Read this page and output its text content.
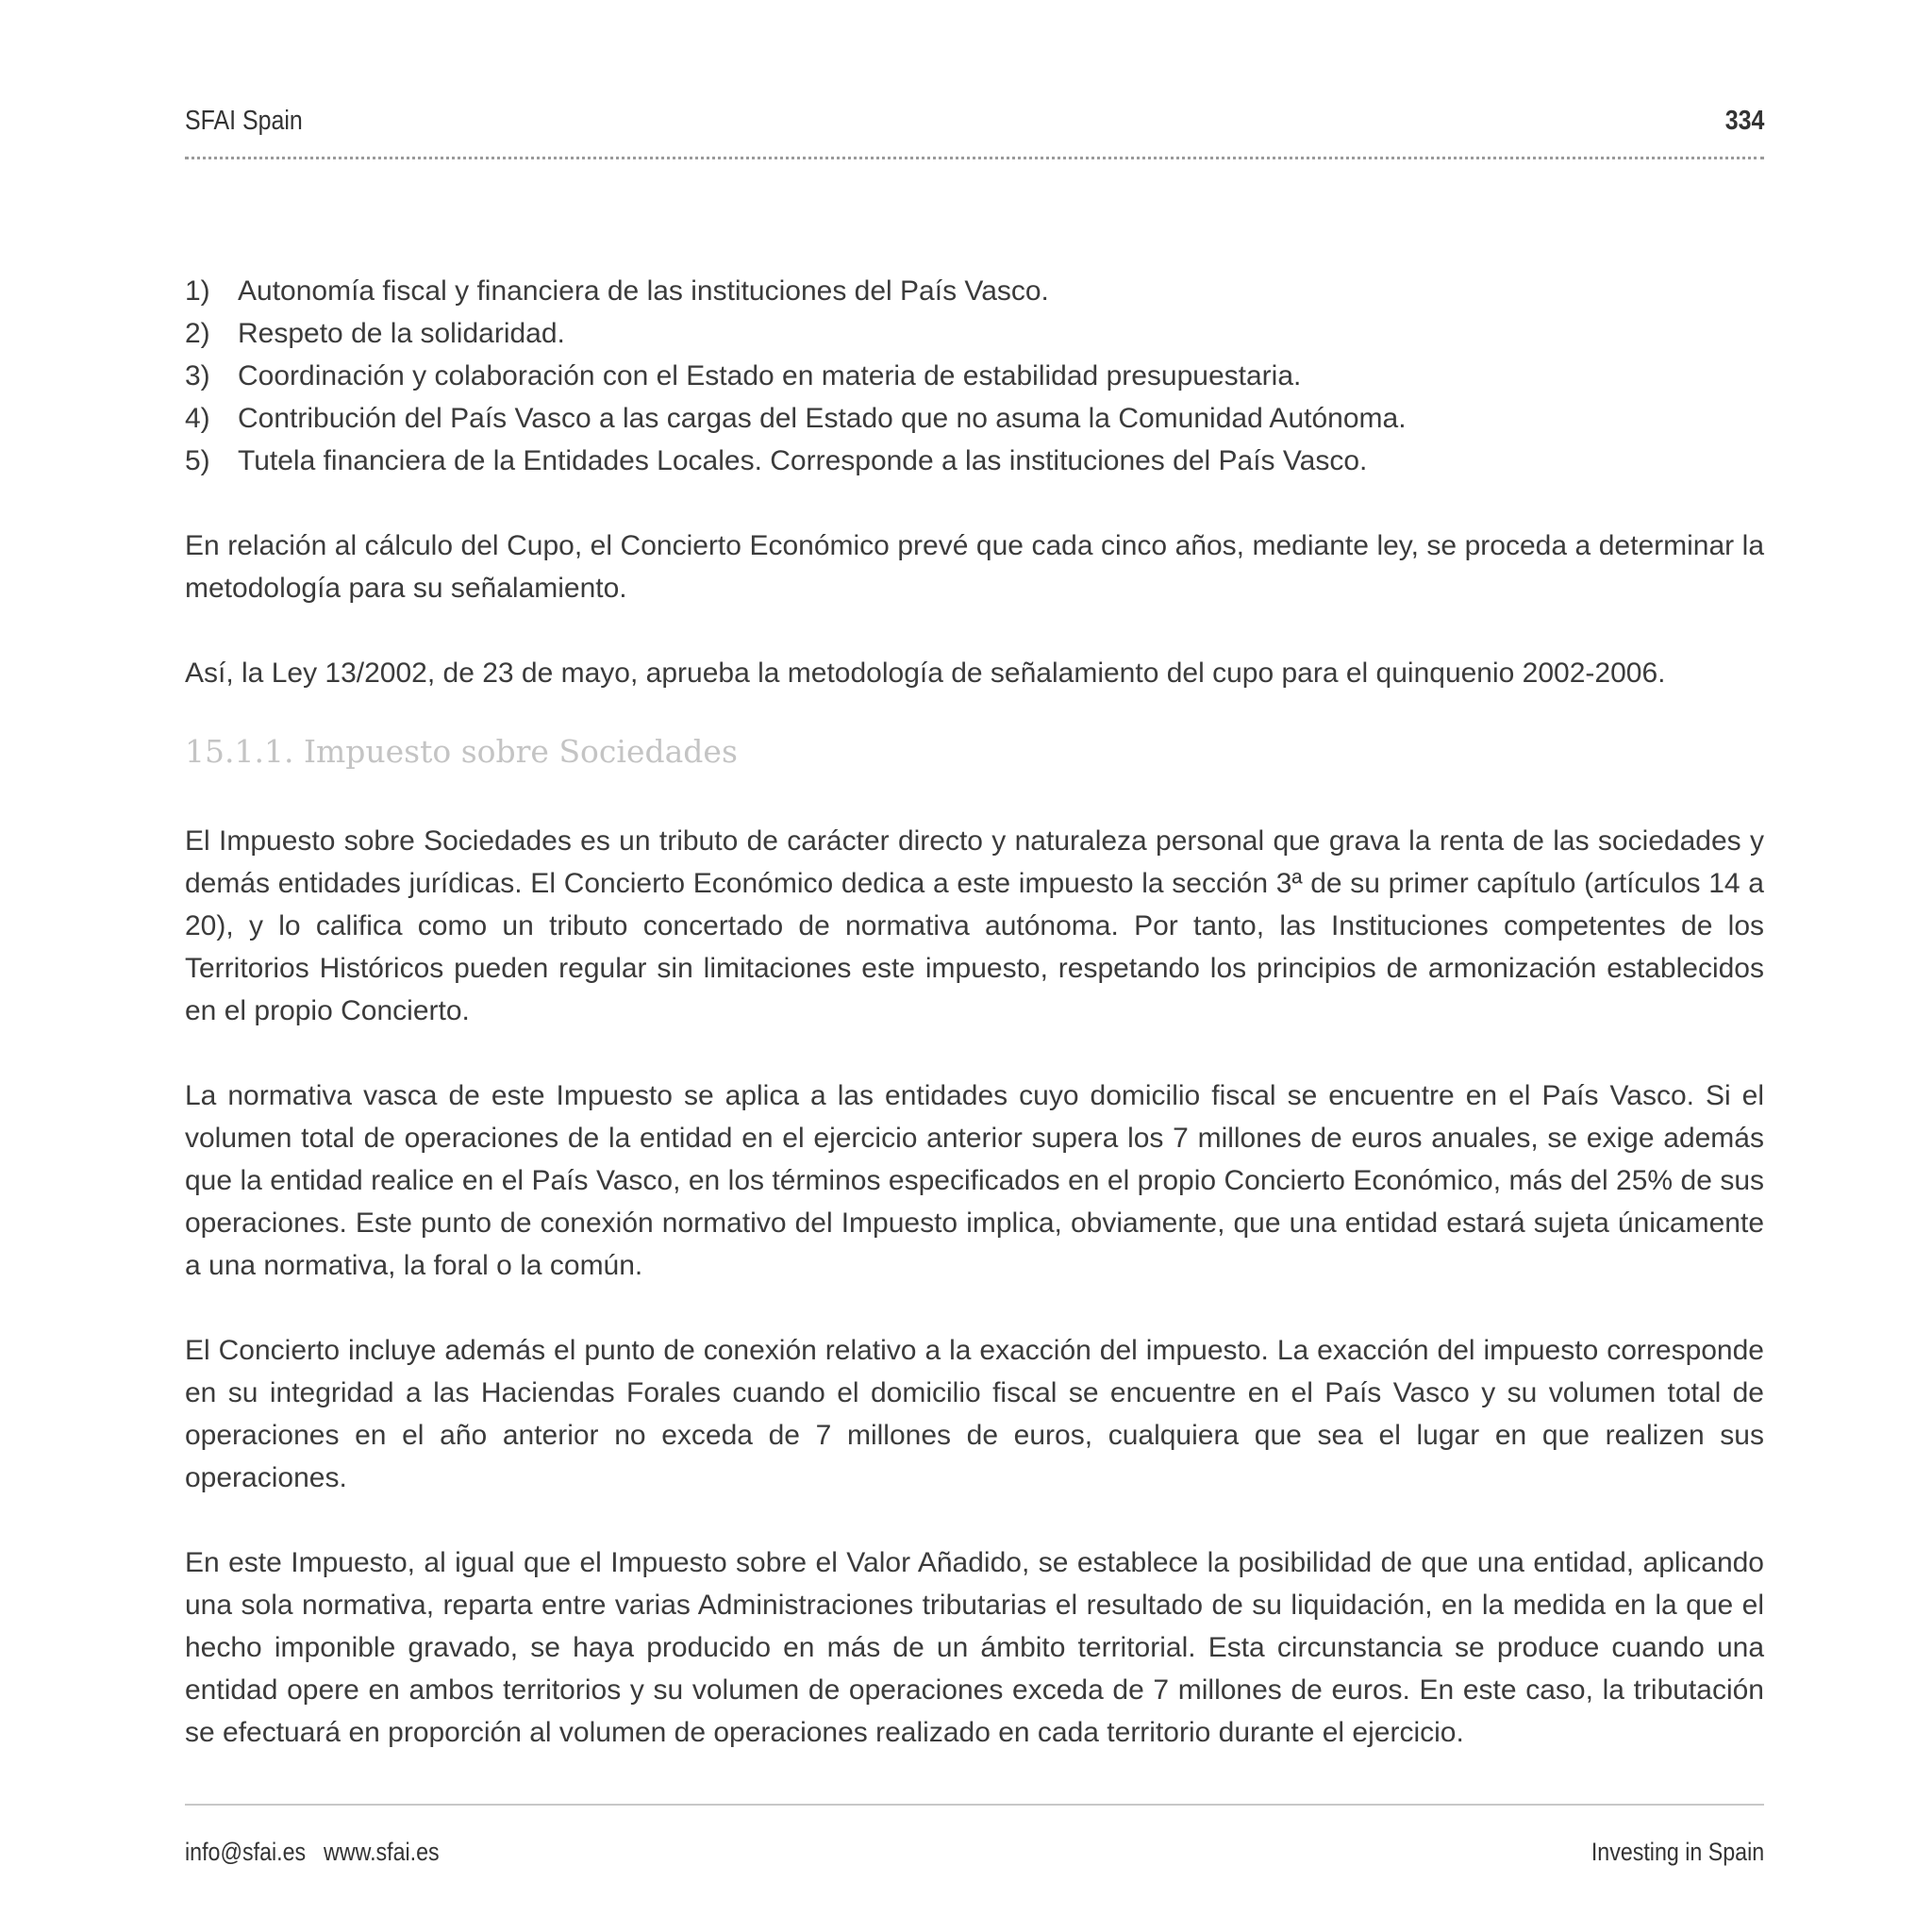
SFAI Spain	334
1) Autonomía fiscal y financiera de las instituciones del País Vasco.
2) Respeto de la solidaridad.
3) Coordinación y colaboración con el Estado en materia de estabilidad presupuestaria.
4) Contribución del País Vasco a las cargas del Estado que no asuma la Comunidad Autónoma.
5) Tutela financiera de la Entidades Locales. Corresponde a las instituciones del País Vasco.

En relación al cálculo del Cupo, el Concierto Económico prevé que cada cinco años, mediante ley, se proceda a determinar la metodología para su señalamiento.

Así, la Ley 13/2002, de 23 de mayo, aprueba la metodología de señalamiento del cupo para el quinquenio 2002-2006.

15.1.1. Impuesto sobre Sociedades

El Impuesto sobre Sociedades es un tributo de carácter directo y naturaleza personal que grava la renta de las sociedades y demás entidades jurídicas. El Concierto Económico dedica a este impuesto la sección 3ª de su primer capítulo (artículos 14 a 20), y lo califica como un tributo concertado de normativa autónoma. Por tanto, las Instituciones competentes de los Territorios Históricos pueden regular sin limitaciones este impuesto, respetando los principios de armonización establecidos en el propio Concierto.

La normativa vasca de este Impuesto se aplica a las entidades cuyo domicilio fiscal se encuentre en el País Vasco. Si el volumen total de operaciones de la entidad en el ejercicio anterior supera los 7 millones de euros anuales, se exige además que la entidad realice en el País Vasco, en los términos especificados en el propio Concierto Económico, más del 25% de sus operaciones. Este punto de conexión normativo del Impuesto implica, obviamente, que una entidad estará sujeta únicamente a una normativa, la foral o la común.

El Concierto incluye además el punto de conexión relativo a la exacción del impuesto. La exacción del impuesto corresponde en su integridad a las Haciendas Forales cuando el domicilio fiscal se encuentre en el País Vasco y su volumen total de operaciones en el año anterior no exceda de 7 millones de euros, cualquiera que sea el lugar en que realizen sus operaciones.

En este Impuesto, al igual que el Impuesto sobre el Valor Añadido, se establece la posibilidad de que una entidad, aplicando una sola normativa, reparta entre varias Administraciones tributarias el resultado de su liquidación, en la medida en la que el hecho imponible gravado, se haya producido en más de un ámbito territorial. Esta circunstancia se produce cuando una entidad opere en ambos territorios y su volumen de operaciones exceda de 7 millones de euros. En este caso, la tributación se efectuará en proporción al volumen de operaciones realizado en cada territorio durante el ejercicio.

info@sfai.es www.sfai.es	Investing in Spain
